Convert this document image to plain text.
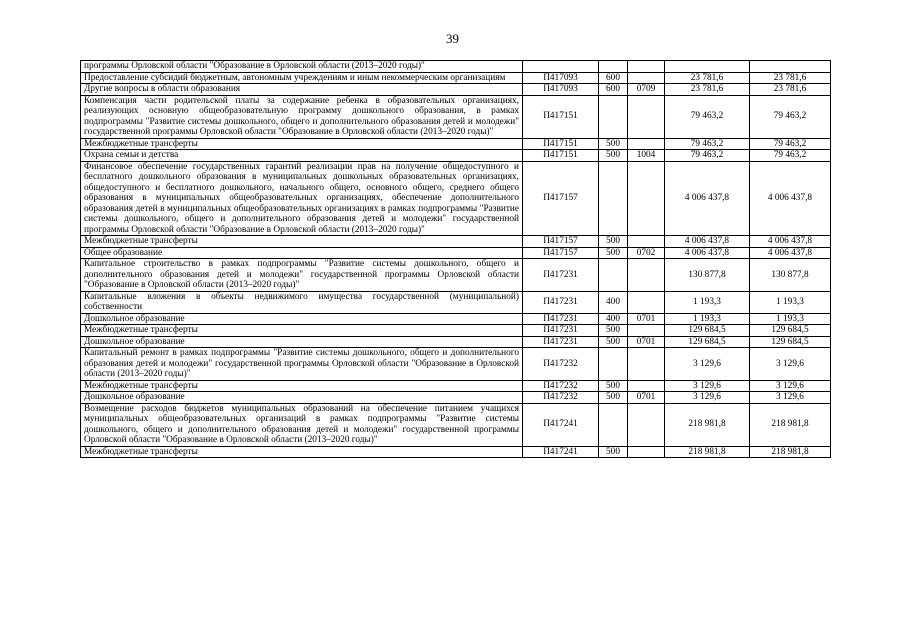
39
программы Орловской области "Образование в Орловской области (2013–2020 годы)"					
Предоставление субсидий бюджетным, автономным учреждениям и иным некоммерческим организациям	П417093	600		23 781,6	23 781,6
Другие вопросы в области образования	П417093	600	0709	23 781,6	23 781,6
Компенсация части родительской платы за содержание ребенка в образовательных организациях, реализующих основную общеобразовательную программу дошкольного образования, в рамках подпрограммы "Развитие системы дошкольного, общего и дополнительного образования детей и молодежи" государственной программы Орловской области "Образование в Орловской области (2013–2020 годы)"	П417151			79 463,2	79 463,2
Межбюджетные трансферты	П417151	500		79 463,2	79 463,2
Охрана семьи и детства	П417151	500	1004	79 463,2	79 463,2
Финансовое обеспечение государственных гарантий реализации прав на получение общедоступного и бесплатного дошкольного образования в муниципальных дошкольных образовательных организациях, общедоступного и бесплатного дошкольного, начального общего, основного общего, среднего общего образования в муниципальных общеобразовательных организациях, обеспечение дополнительного образования детей в муниципальных общеобразовательных организациях в рамках подпрограммы "Развитие системы дошкольного, общего и дополнительного образования детей и молодежи" государственной программы Орловской области "Образование в Орловской области (2013–2020 годы)"	П417157			4 006 437,8	4 006 437,8
Межбюджетные трансферты	П417157	500		4 006 437,8	4 006 437,8
Общее образование	П417157	500	0702	4 006 437,8	4 006 437,8
Капитальное строительство в рамках подпрограммы "Развитие системы дошкольного, общего и дополнительного образования детей и молодежи" государственной программы Орловской области "Образование в Орловской области (2013–2020 годы)"	П417231			130 877,8	130 877,8
Капитальные вложения в объекты недвижимого имущества государственной (муниципальной) собственности	П417231	400		1 193,3	1 193,3
Дошкольное образование	П417231	400	0701	1 193,3	1 193,3
Межбюджетные трансферты	П417231	500		129 684,5	129 684,5
Дошкольное образование	П417231	500	0701	129 684,5	129 684,5
Капитальный ремонт в рамках подпрограммы "Развитие системы дошкольного, общего и дополнительного образования детей и молодежи" государственной программы Орловской области "Образование в Орловской области (2013–2020 годы)"	П417232			3 129,6	3 129,6
Межбюджетные трансферты	П417232	500		3 129,6	3 129,6
Дошкольное образование	П417232	500	0701	3 129,6	3 129,6
Возмещение расходов бюджетов муниципальных образований на обеспечение питанием учащихся муниципальных общеобразовательных организаций в рамках подпрограммы "Развитие системы дошкольного, общего и дополнительного образования детей и молодежи" государственной программы Орловской области "Образование в Орловской области (2013–2020 годы)"	П417241			218 981,8	218 981,8
Межбюджетные трансферты	П417241	500		218 981,8	218 981,8
